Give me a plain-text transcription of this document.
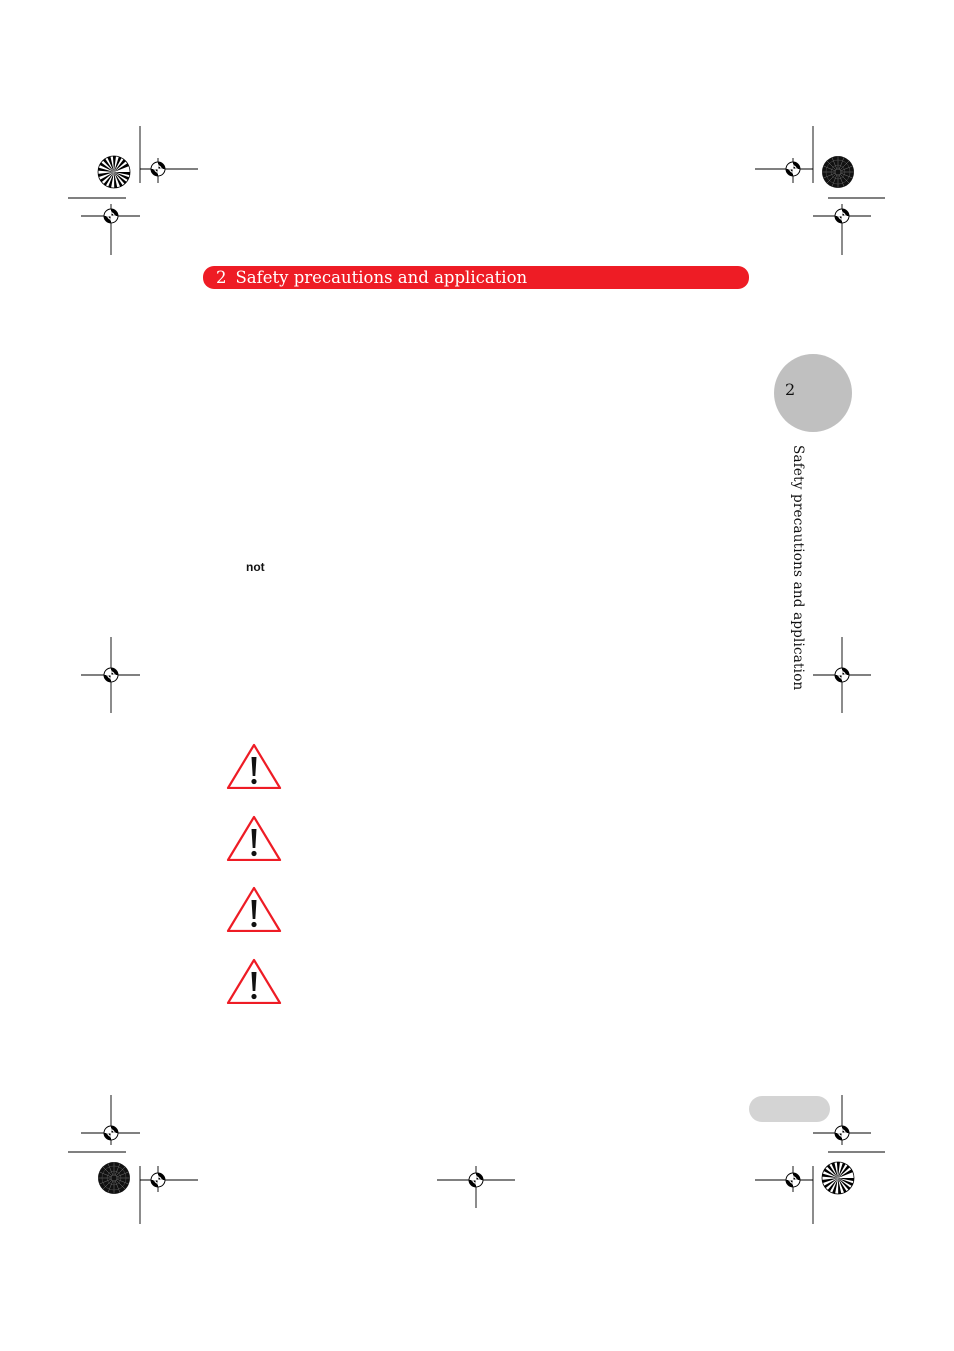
2 Safety precautions and application
2
Safety precautions and application
not
